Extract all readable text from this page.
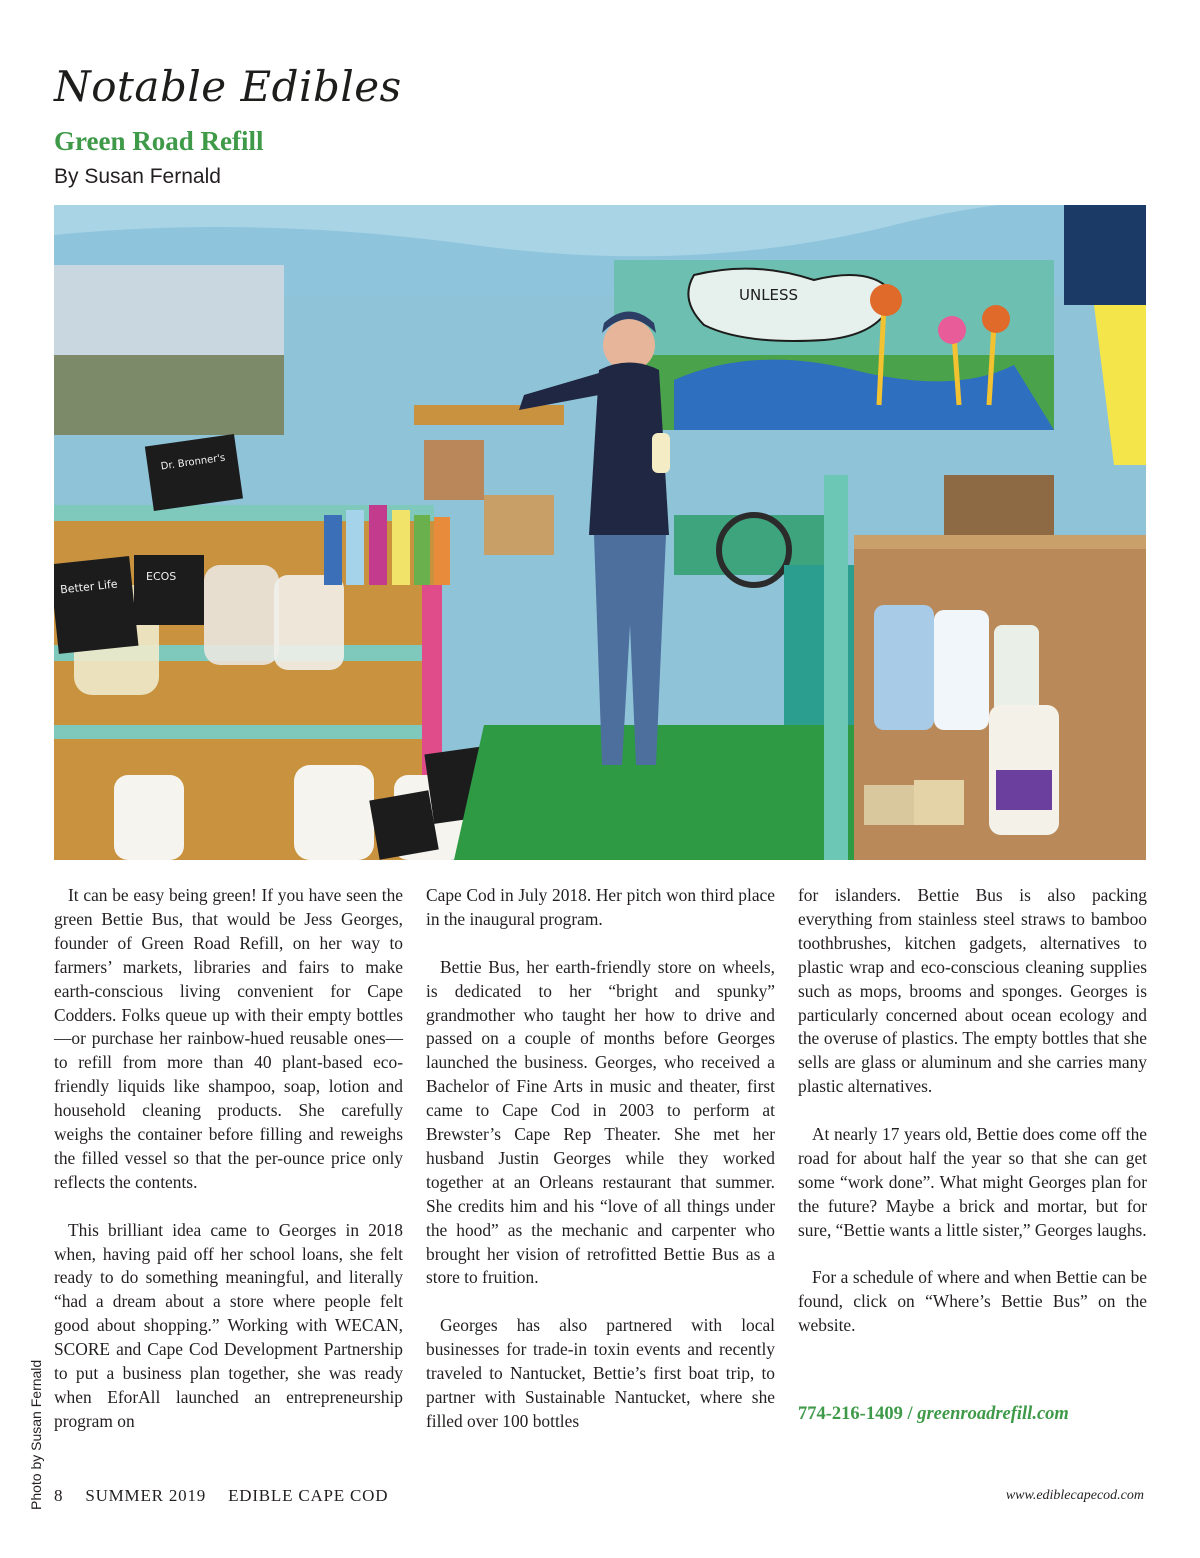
Notable Edibles
Green Road Refill
By Susan Fernald
UNLESS
Dr. Bronner's
Better Life
ECOS
Photo by Susan Fernald

It can be easy being green! If you have seen the green Bettie Bus, that would be Jess Georges, founder of Green Road Refill, on her way to farmers’ markets, libraries and fairs to make earth-conscious living convenient for Cape Codders. Folks queue up with their empty bottles—or purchase her rainbow-hued reusable ones—to refill from more than 40 plant-based eco-friendly liquids like shampoo, soap, lotion and household cleaning products. She carefully weighs the container before filling and reweighs the filled vessel so that the per-ounce price only reflects the contents.

This brilliant idea came to Georges in 2018 when, having paid off her school loans, she felt ready to do something meaningful, and literally “had a dream about a store where people felt good about shopping.” Working with WECAN, SCORE and Cape Cod Development Partnership to put a business plan together, she was ready when EforAll launched an entrepreneurship program on

Cape Cod in July 2018. Her pitch won third place in the inaugural program.

Bettie Bus, her earth-friendly store on wheels, is dedicated to her “bright and spunky” grandmother who taught her how to drive and passed on a couple of months before Georges launched the business. Georges, who received a Bachelor of Fine Arts in music and theater, first came to Cape Cod in 2003 to perform at Brewster’s Cape Rep Theater. She met her husband Justin Georges while they worked together at an Orleans restaurant that summer. She credits him and his “love of all things under the hood” as the mechanic and carpenter who brought her vision of retrofitted Bettie Bus as a store to fruition.

Georges has also partnered with local businesses for trade-in toxin events and recently traveled to Nantucket, Bettie’s first boat trip, to partner with Sustainable Nantucket, where she filled over 100 bottles

for islanders. Bettie Bus is also packing everything from stainless steel straws to bamboo toothbrushes, kitchen gadgets, alternatives to plastic wrap and eco-conscious cleaning supplies such as mops, brooms and sponges. Georges is particularly concerned about ocean ecology and the overuse of plastics. The empty bottles that she sells are glass or aluminum and she carries many plastic alternatives.

At nearly 17 years old, Bettie does come off the road for about half the year so that she can get some “work done”. What might Georges plan for the future? Maybe a brick and mortar, but for sure, “Bettie wants a little sister,” Georges laughs.

For a schedule of where and when Bettie can be found, click on “Where’s Bettie Bus” on the website.

774-216-1409 / greenroadrefill.com
8 SUMMER 2019 EDIBLE CAPE COD	www.ediblecapecod.com
